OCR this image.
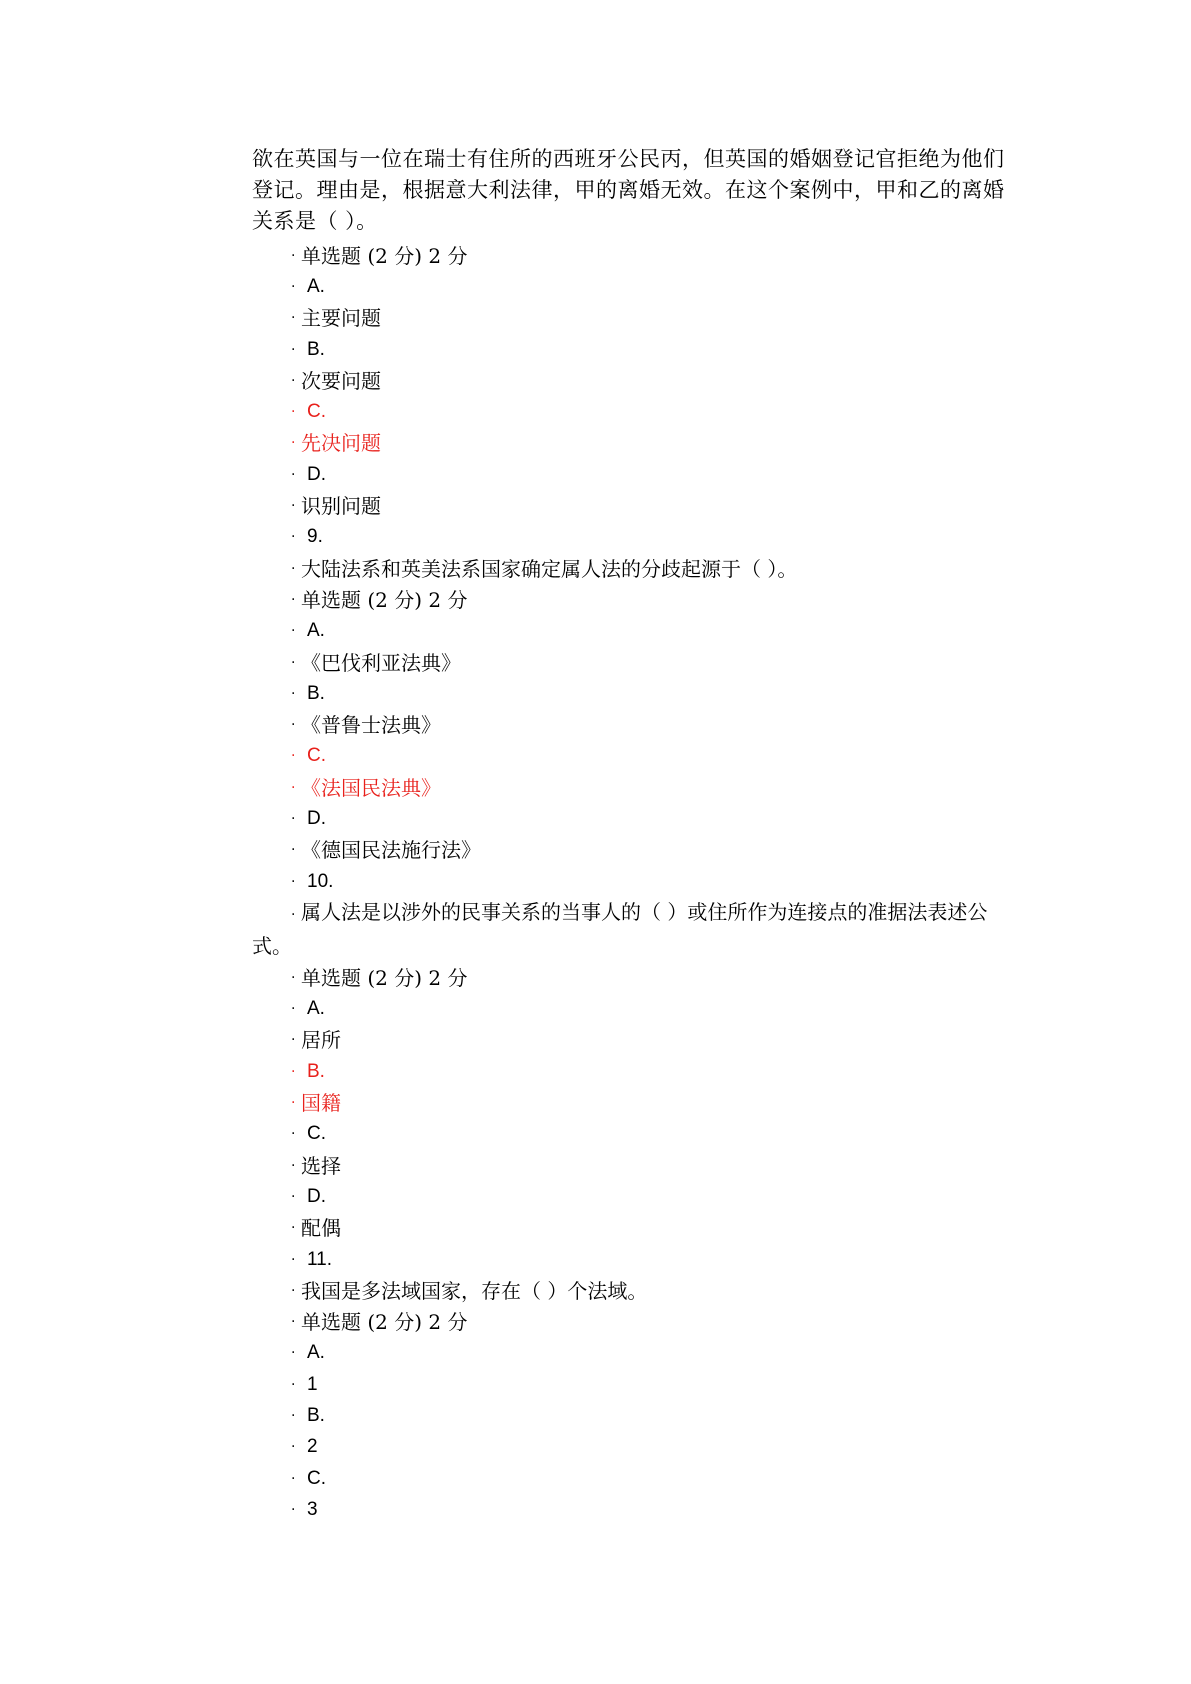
欲在英国与一位在瑞士有住所的西班牙公民丙，但英国的婚姻登记官拒绝为他们登记。理由是，根据意大利法律，甲的离婚无效。在这个案例中，甲和乙的离婚关系是（ ）。

· 单选题 (2 分) 2 分
· A.
· 主要问题
· B.
· 次要问题
· C.
· 先决问题
· D.
· 识别问题
· 9.
· 大陆法系和英美法系国家确定属人法的分歧起源于（ ）。
· 单选题 (2 分) 2 分
· A.
· 《巴伐利亚法典》
· B.
· 《普鲁士法典》
· C.
· 《法国民法典》
· D.
· 《德国民法施行法》
· 10.
· 属人法是以涉外的民事关系的当事人的（ ）或住所作为连接点的准据法表述公式。
· 单选题 (2 分) 2 分
· A.
· 居所
· B.
· 国籍
· C.
· 选择
· D.
· 配偶
· 11.
· 我国是多法域国家，存在（ ）个法域。
· 单选题 (2 分) 2 分
· A.
· 1
· B.
· 2
· C.
· 3
